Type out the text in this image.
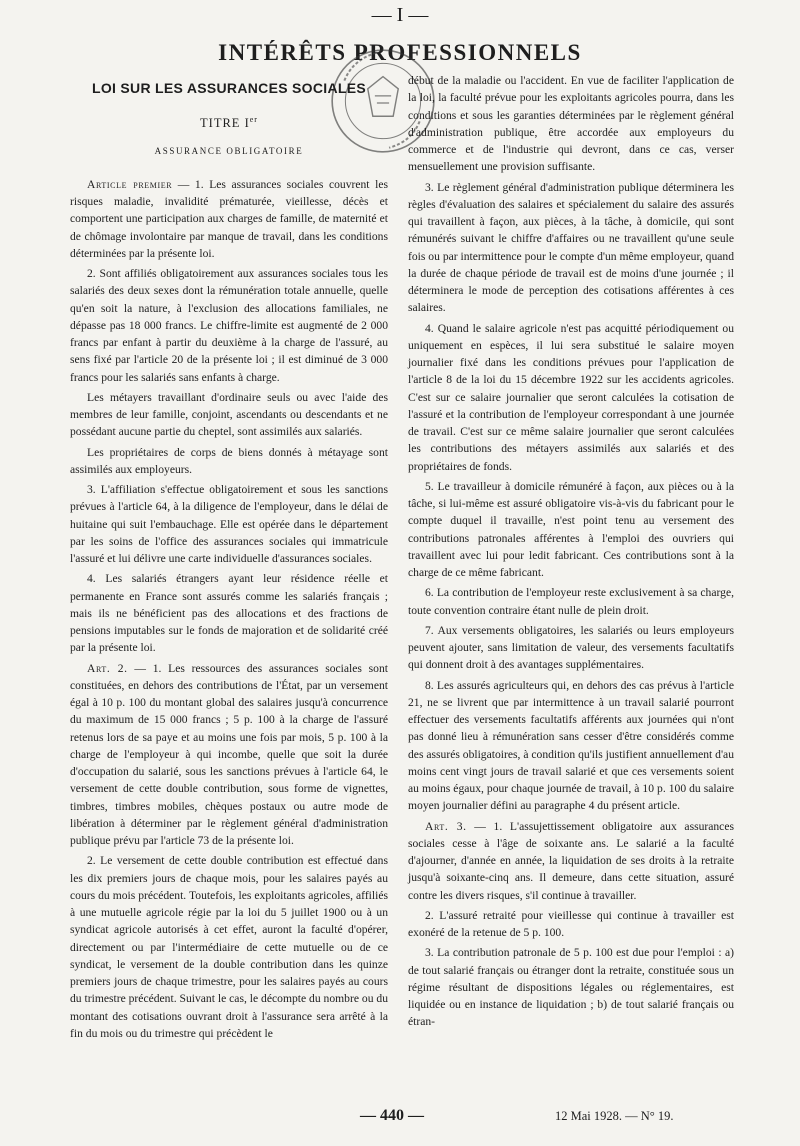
— I —
INTÉRÊTS PROFESSIONNELS
LOI SUR LES ASSURANCES SOCIALES
TITRE Ier
ASSURANCE OBLIGATOIRE

Article premier — 1. Les assurances sociales couvrent les risques maladie, invalidité prématurée, vieillesse, décès et comportent une participation aux charges de famille, de maternité et de chômage involontaire par manque de travail, dans les conditions déterminées par la présente loi.

2. Sont affiliés obligatoirement aux assurances sociales tous les salariés des deux sexes dont la rémunération totale annuelle, quelle qu'en soit la nature, à l'exclusion des allocations familiales, ne dépasse pas 18 000 francs. Le chiffre-limite est augmenté de 2 000 francs par enfant à partir du deuxième à la charge de l'assuré, au sens fixé par l'article 20 de la présente loi ; il est diminué de 3 000 francs pour les salariés sans enfants à charge.

Les métayers travaillant d'ordinaire seuls ou avec l'aide des membres de leur famille, conjoint, ascendants ou descendants et ne possédant aucune partie du cheptel, sont assimilés aux salariés.

Les propriétaires de corps de biens donnés à métayage sont assimilés aux employeurs.

3. L'affiliation s'effectue obligatoirement et sous les sanctions prévues à l'article 64, à la diligence de l'employeur, dans le délai de huitaine qui suit l'embauchage. Elle est opérée dans le département par les soins de l'office des assurances sociales qui immatricule l'assuré et lui délivre une carte individuelle d'assurances sociales.

4. Les salariés étrangers ayant leur résidence réelle et permanente en France sont assurés comme les salariés français ; mais ils ne bénéficient pas des allocations et des fractions de pensions imputables sur le fonds de majoration et de solidarité créé par la présente loi.

Art. 2. — 1. Les ressources des assurances sociales sont constituées, en dehors des contributions de l'État, par un versement égal à 10 p. 100 du montant global des salaires jusqu'à concurrence du maximum de 15 000 francs ; 5 p. 100 à la charge de l'assuré retenus lors de sa paye et au moins une fois par mois, 5 p. 100 à la charge de l'employeur à qui incombe, quelle que soit la durée d'occupation du salarié, sous les sanctions prévues à l'article 64, le versement de cette double contribution, sous forme de vignettes, timbres, timbres mobiles, chèques postaux ou autre mode de libération à déterminer par le règlement général d'administration publique prévu par l'article 73 de la présente loi.

2. Le versement de cette double contribution est effectué dans les dix premiers jours de chaque mois, pour les salaires payés au cours du mois précédent. Toutefois, les exploitants agricoles, affiliés à une mutuelle agricole régie par la loi du 5 juillet 1900 ou à un syndicat agricole autorisés à cet effet, auront la faculté d'opérer, directement ou par l'intermédiaire de cette mutuelle ou de ce syndicat, le versement de la double contribution dans les quinze premiers jours de chaque trimestre, pour les salaires payés au cours du trimestre précédent. Suivant le cas, le décompte du nombre ou du montant des cotisations ouvrant droit à l'assurance sera arrêté à la fin du mois ou du trimestre qui précèdent le

début de la maladie ou l'accident. En vue de faciliter l'application de la loi, la faculté prévue pour les exploitants agricoles pourra, dans les conditions et sous les garanties déterminées par le règlement général d'administration publique, être accordée aux employeurs du commerce et de l'industrie qui devront, dans ce cas, verser mensuellement une provision suffisante.

3. Le règlement général d'administration publique déterminera les règles d'évaluation des salaires et spécialement du salaire des assurés qui travaillent à façon, aux pièces, à la tâche, à domicile, qui sont rémunérés suivant le chiffre d'affaires ou ne travaillent qu'une seule fois ou par intermittence pour le compte d'un même employeur, quand la durée de chaque période de travail est de moins d'une journée ; il déterminera le mode de perception des cotisations afférentes à ces salaires.

4. Quand le salaire agricole n'est pas acquitté périodiquement ou uniquement en espèces, il lui sera substitué le salaire moyen journalier fixé dans les conditions prévues pour l'application de l'article 8 de la loi du 15 décembre 1922 sur les accidents agricoles. C'est sur ce salaire journalier que seront calculées la cotisation de l'assuré et la contribution de l'employeur correspondant à une journée de travail. C'est sur ce même salaire journalier que seront calculées les contributions des métayers assimilés aux salariés et des propriétaires de fonds.

5. Le travailleur à domicile rémunéré à façon, aux pièces ou à la tâche, si lui-même est assuré obligatoire vis-à-vis du fabricant pour le compte duquel il travaille, n'est point tenu au versement des contributions patronales afférentes à l'emploi des ouvriers qui travaillent avec lui pour ledit fabricant. Ces contributions sont à la charge de ce même fabricant.

6. La contribution de l'employeur reste exclusivement à sa charge, toute convention contraire étant nulle de plein droit.

7. Aux versements obligatoires, les salariés ou leurs employeurs peuvent ajouter, sans limitation de valeur, des versements facultatifs qui donnent droit à des avantages supplémentaires.

8. Les assurés agriculteurs qui, en dehors des cas prévus à l'article 21, ne se livrent que par intermittence à un travail salarié pourront effectuer des versements facultatifs afférents aux journées qui n'ont pas donné lieu à rémunération sans cesser d'être considérés comme des assurés obligatoires, à condition qu'ils justifient annuellement d'au moins cent vingt jours de travail salarié et que ces versements soient au moins égaux, pour chaque journée de travail, à 10 p. 100 du salaire moyen journalier défini au paragraphe 4 du présent article.

Art. 3. — 1. L'assujettissement obligatoire aux assurances sociales cesse à l'âge de soixante ans. Le salarié a la faculté d'ajourner, d'année en année, la liquidation de ses droits à la retraite jusqu'à soixante-cinq ans. Il demeure, dans cette situation, assuré contre les divers risques, s'il continue à travailler.

2. L'assuré retraité pour vieillesse qui continue à travailler est exonéré de la retenue de 5 p. 100.

3. La contribution patronale de 5 p. 100 est due pour l'emploi : a) de tout salarié français ou étranger dont la retraite, constituée sous un régime résultant de dispositions légales ou réglementaires, est liquidée ou en instance de liquidation ; b) de tout salarié français ou étran-

— 440 —	12 Mai 1928. — N° 19.
